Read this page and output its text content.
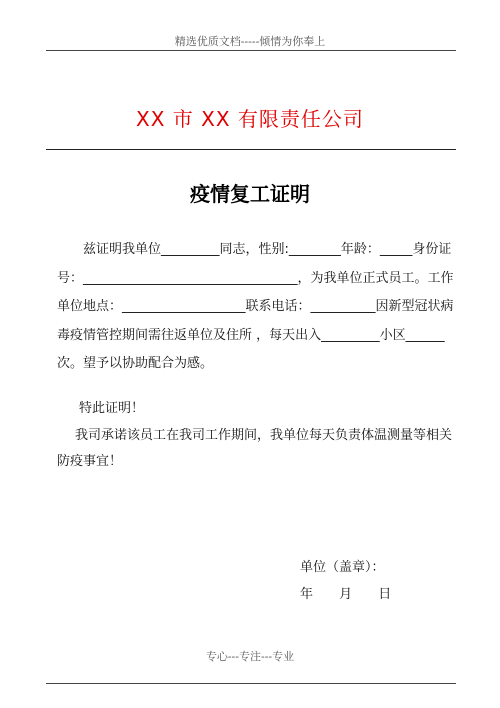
精选优质文档-----倾情为你奉上
XX 市 XX 有限责任公司
疫情复工证明
兹证明我单位_________同志，性别:________年龄：_____身份证号：_________________________________，为我单位正式员工。工作单位地点：___________________联系电话：__________因新型冠状病毒疫情管控期间需往返单位及住所 ，每天出入_________小区______次。望予以协助配合为感。
特此证明！
我司承诺该员工在我司工作期间，我单位每天负责体温测量等相关防疫事宜！
单位（盖章）：
年 月 日
专心---专注---专业
